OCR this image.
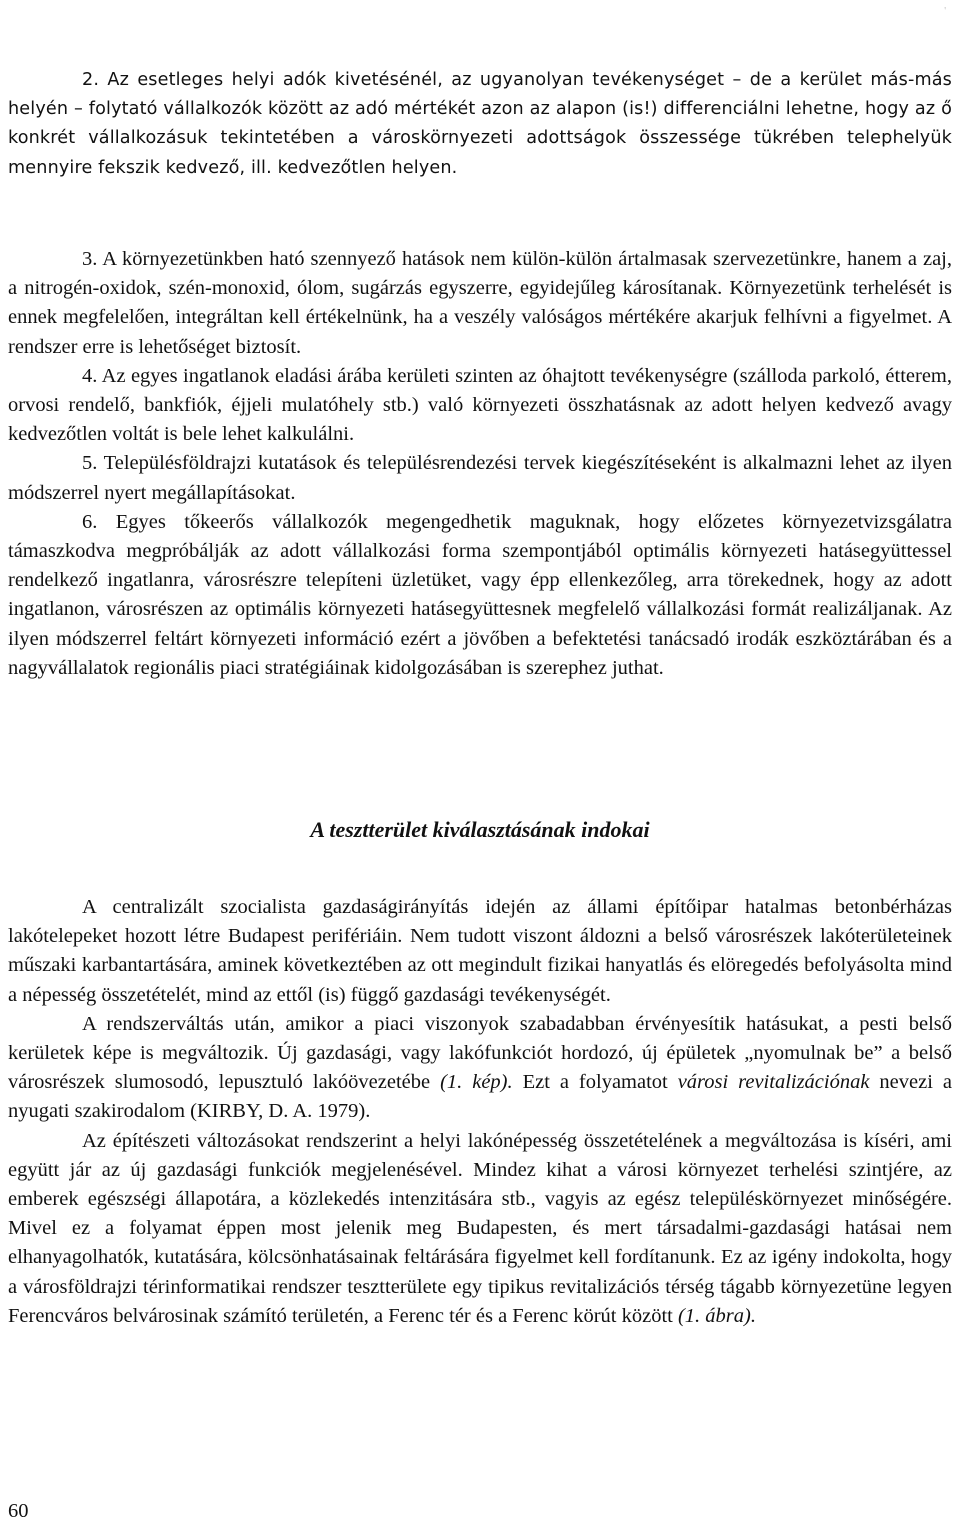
'

2. Az esetleges helyi adók kivetésénél, az ugyanolyan tevékenységet – de a kerület más-más helyén – folytató vállalkozók között az adó mértékét azon az alapon (is!) differenciálni lehetne, hogy az ő konkrét vállalkozásuk tekintetében a városkörnyezeti adottságok összessége tükrében telephelyük mennyire fekszik kedvező, ill. kedvezőtlen helyen.

3. A környezetünkben ható szennyező hatások nem külön-külön ártalmasak szervezetünkre, hanem a zaj, a nitrogén-oxidok, szén-monoxid, ólom, sugárzás egyszerre, egyidejűleg károsítanak. Környezetünk terhelését is ennek megfelelően, integráltan kell értékelnünk, ha a veszély valóságos mértékére akarjuk felhívni a figyelmet. A rendszer erre is lehetőséget biztosít.

4. Az egyes ingatlanok eladási árába kerületi szinten az óhajtott tevékenységre (szálloda parkoló, étterem, orvosi rendelő, bankfiók, éjjeli mulatóhely stb.) való környezeti összhatásnak az adott helyen kedvező avagy kedvezőtlen voltát is bele lehet kalkulálni.

5. Településföldrajzi kutatások és településrendezési tervek kiegészítéseként is alkalmazni lehet az ilyen módszerrel nyert megállapításokat.

6. Egyes tőkeerős vállalkozók megengedhetik maguknak, hogy előzetes környezetvizsgálatra támaszkodva megpróbálják az adott vállalkozási forma szempontjából optimális környezeti hatásegyüttessel rendelkező ingatlanra, városrészre telepíteni üzletüket, vagy épp ellenkezőleg, arra törekednek, hogy az adott ingatlanon, városrészen az optimális környezeti hatásegyüttesnek megfelelő vállalkozási formát realizáljanak. Az ilyen módszerrel feltárt környezeti információ ezért a jövőben a befektetési tanácsadó irodák eszköztárában és a nagyvállalatok regionális piaci stratégiáinak kidolgozásában is szerephez juthat.

A tesztterület kiválasztásának indokai

A centralizált szocialista gazdaságirányítás idején az állami építőipar hatalmas betonbérházas lakótelepeket hozott létre Budapest perifériáin. Nem tudott viszont áldozni a belső városrészek lakóterületeinek műszaki karbantartására, aminek következtében az ott megindult fizikai hanyatlás és elöregedés befolyásolta mind a népesség összetételét, mind az ettől (is) függő gazdasági tevékenységét.

A rendszerváltás után, amikor a piaci viszonyok szabadabban érvényesítik hatásukat, a pesti belső kerületek képe is megváltozik. Új gazdasági, vagy lakófunkciót hordozó, új épületek „nyomulnak be” a belső városrészek slumosodó, lepusztuló lakóövezetébe (1. kép). Ezt a folyamatot városi revitalizációnak nevezi a nyugati szakirodalom (KIRBY, D. A. 1979).

Az építészeti változásokat rendszerint a helyi lakónépesség összetételének a megváltozása is kíséri, ami együtt jár az új gazdasági funkciók megjelenésével. Mindez kihat a városi környezet terhelési szintjére, az emberek egészségi állapotára, a közlekedés intenzitására stb., vagyis az egész településkörnyezet minőségére. Mivel ez a folyamat éppen most jelenik meg Budapesten, és mert társadalmi-gazdasági hatásai nem elhanyagolhatók, kutatására, kölcsönhatásainak feltárására figyelmet kell fordítanunk. Ez az igény indokolta, hogy a városföldrajzi térinformatikai rendszer tesztterülete egy tipikus revitalizációs térség tágabb környezetüne legyen Ferencváros belvárosinak számító területén, a Ferenc tér és a Ferenc körút között (1. ábra).

60
